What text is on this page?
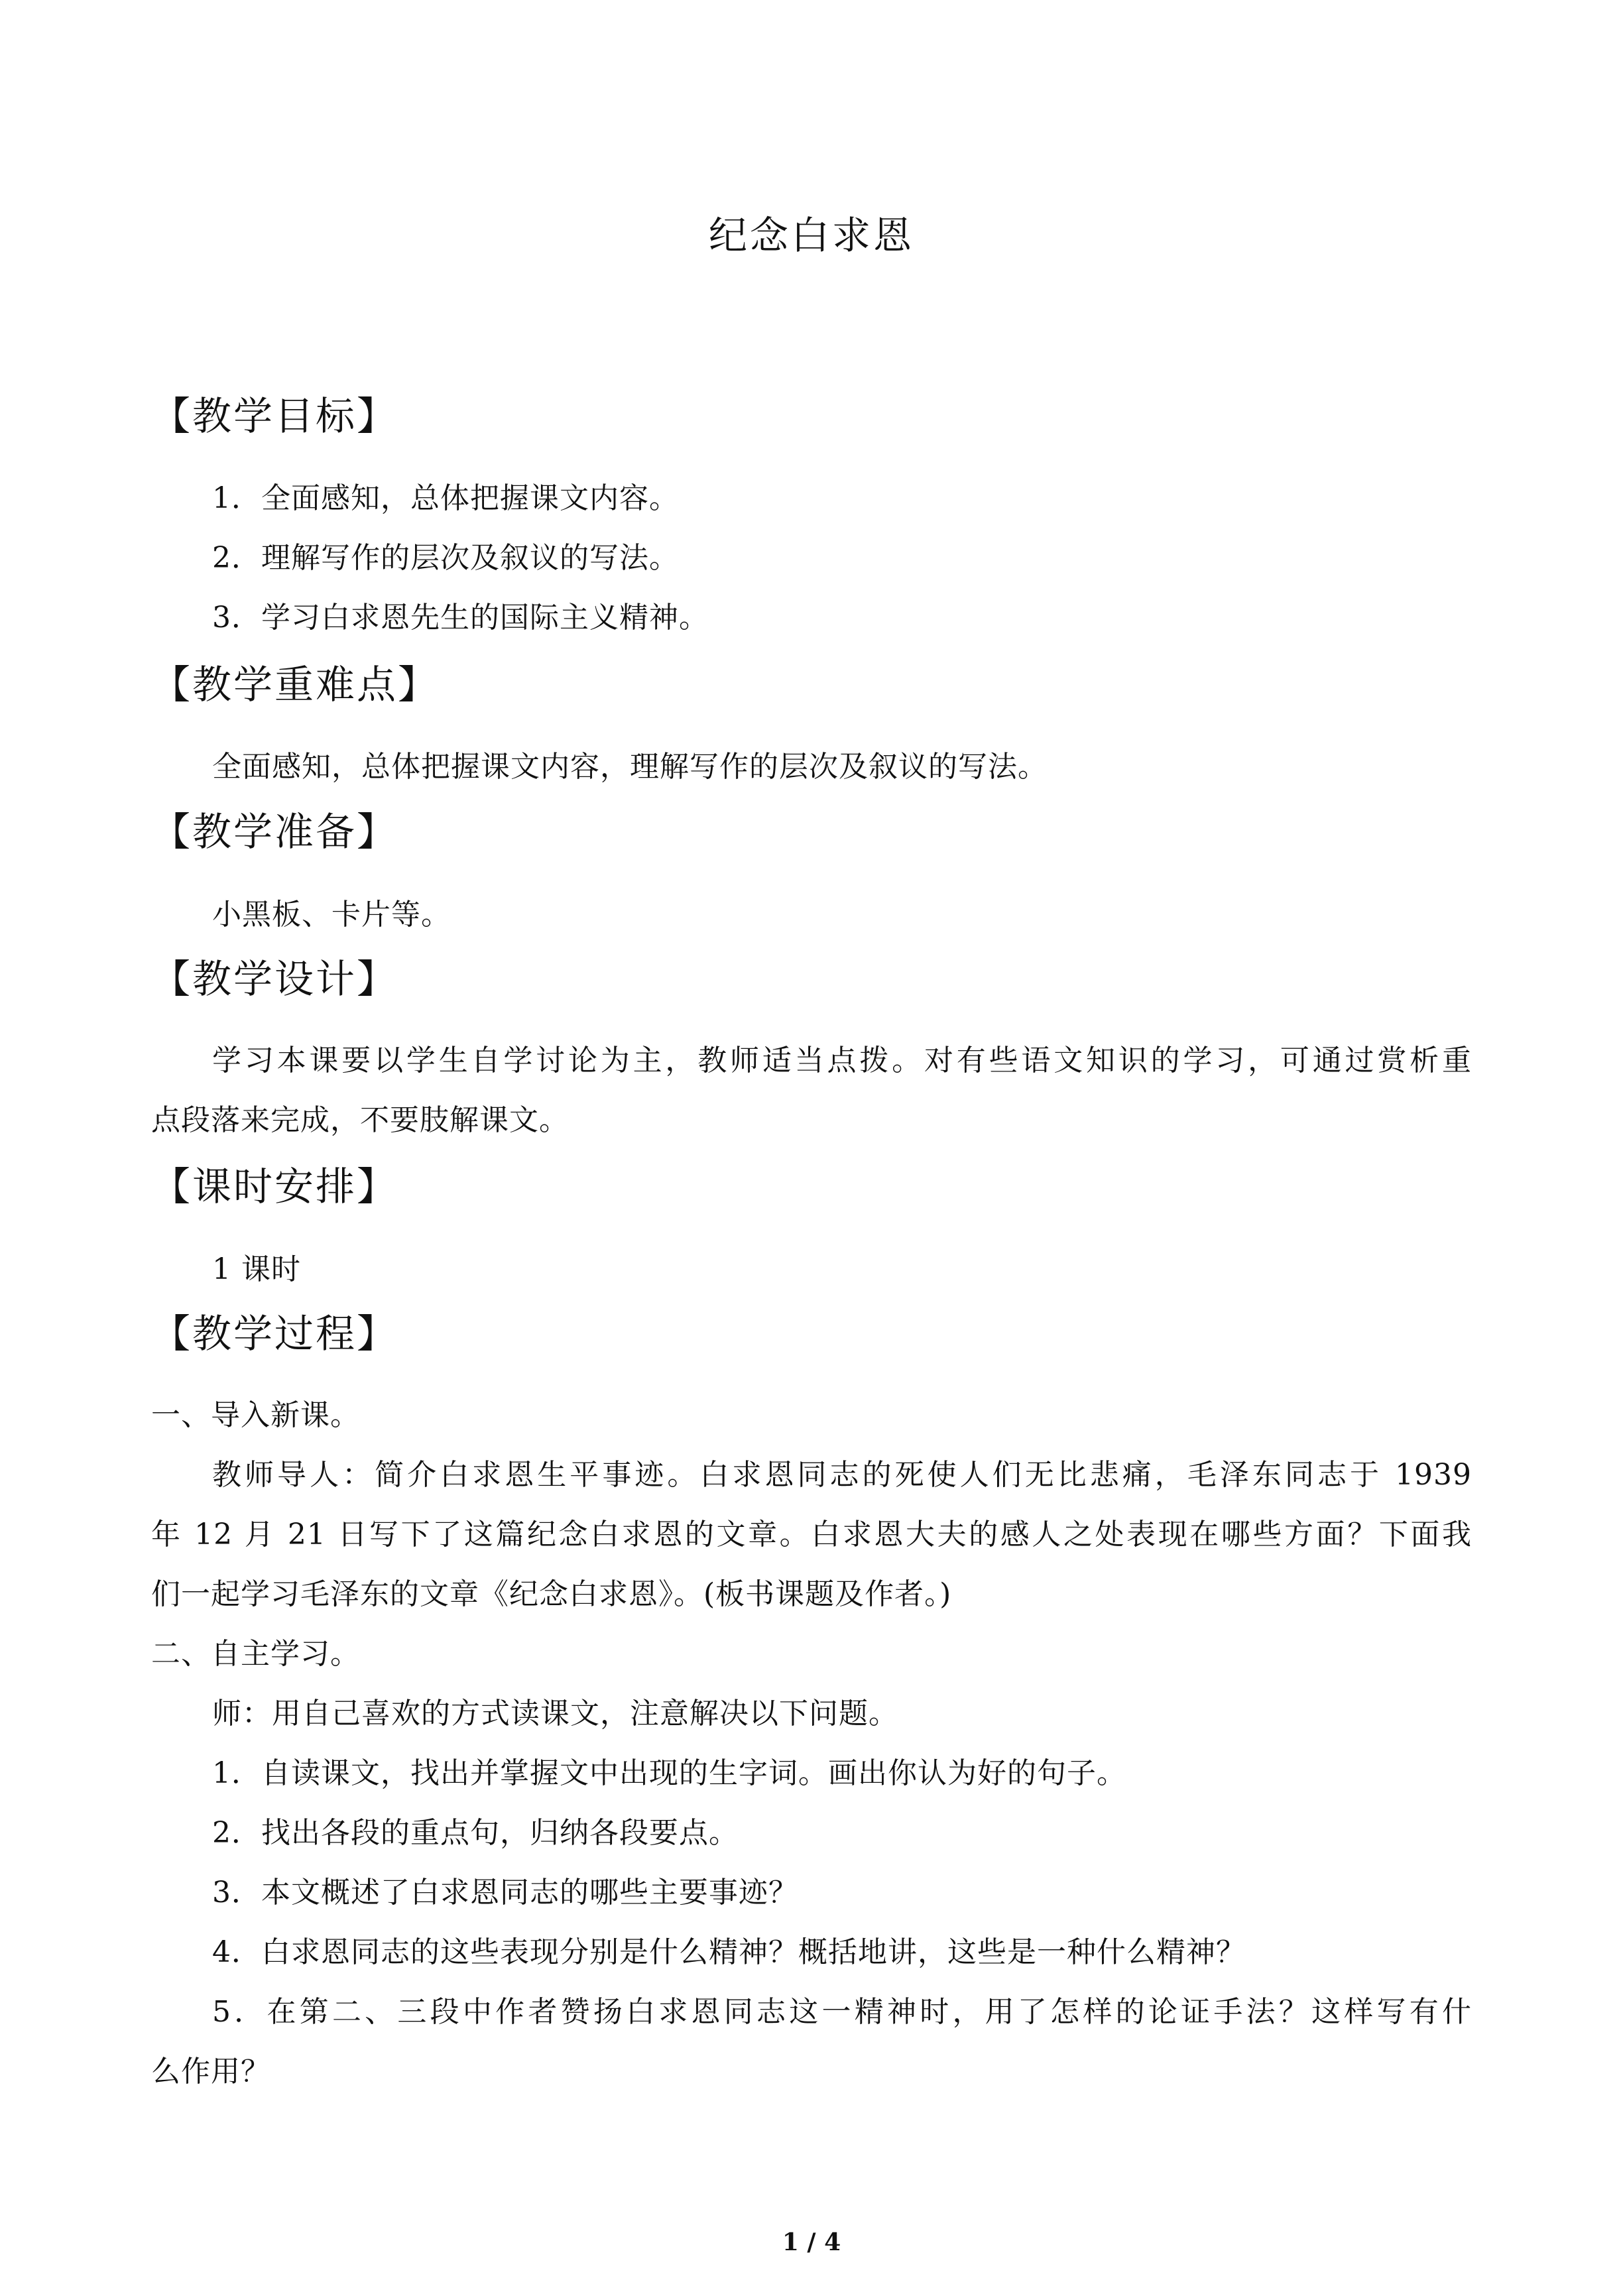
纪念白求恩
【教学目标】
1．全面感知，总体把握课文内容。
2．理解写作的层次及叙议的写法。
3．学习白求恩先生的国际主义精神。
【教学重难点】
全面感知，总体把握课文内容，理解写作的层次及叙议的写法。
【教学准备】
小黑板、卡片等。
【教学设计】
学习本课要以学生自学讨论为主，教师适当点拨。对有些语文知识的学习，可通过赏析重
点段落来完成，不要肢解课文。
【课时安排】
1 课时
【教学过程】
一、导入新课。
教师导人：简介白求恩生平事迹。白求恩同志的死使人们无比悲痛，毛泽东同志于 1939
年 12 月 21 日写下了这篇纪念白求恩的文章。白求恩大夫的感人之处表现在哪些方面？下面我
们一起学习毛泽东的文章《纪念白求恩》。(板书课题及作者。)
二、自主学习。
师：用自己喜欢的方式读课文，注意解决以下问题。
1．自读课文，找出并掌握文中出现的生字词。画出你认为好的句子。
2．找出各段的重点句，归纳各段要点。
3．本文概述了白求恩同志的哪些主要事迹？
4．白求恩同志的这些表现分别是什么精神？概括地讲，这些是一种什么精神？
5．在第二、三段中作者赞扬白求恩同志这一精神时，用了怎样的论证手法？这样写有什
么作用？
1 / 4
